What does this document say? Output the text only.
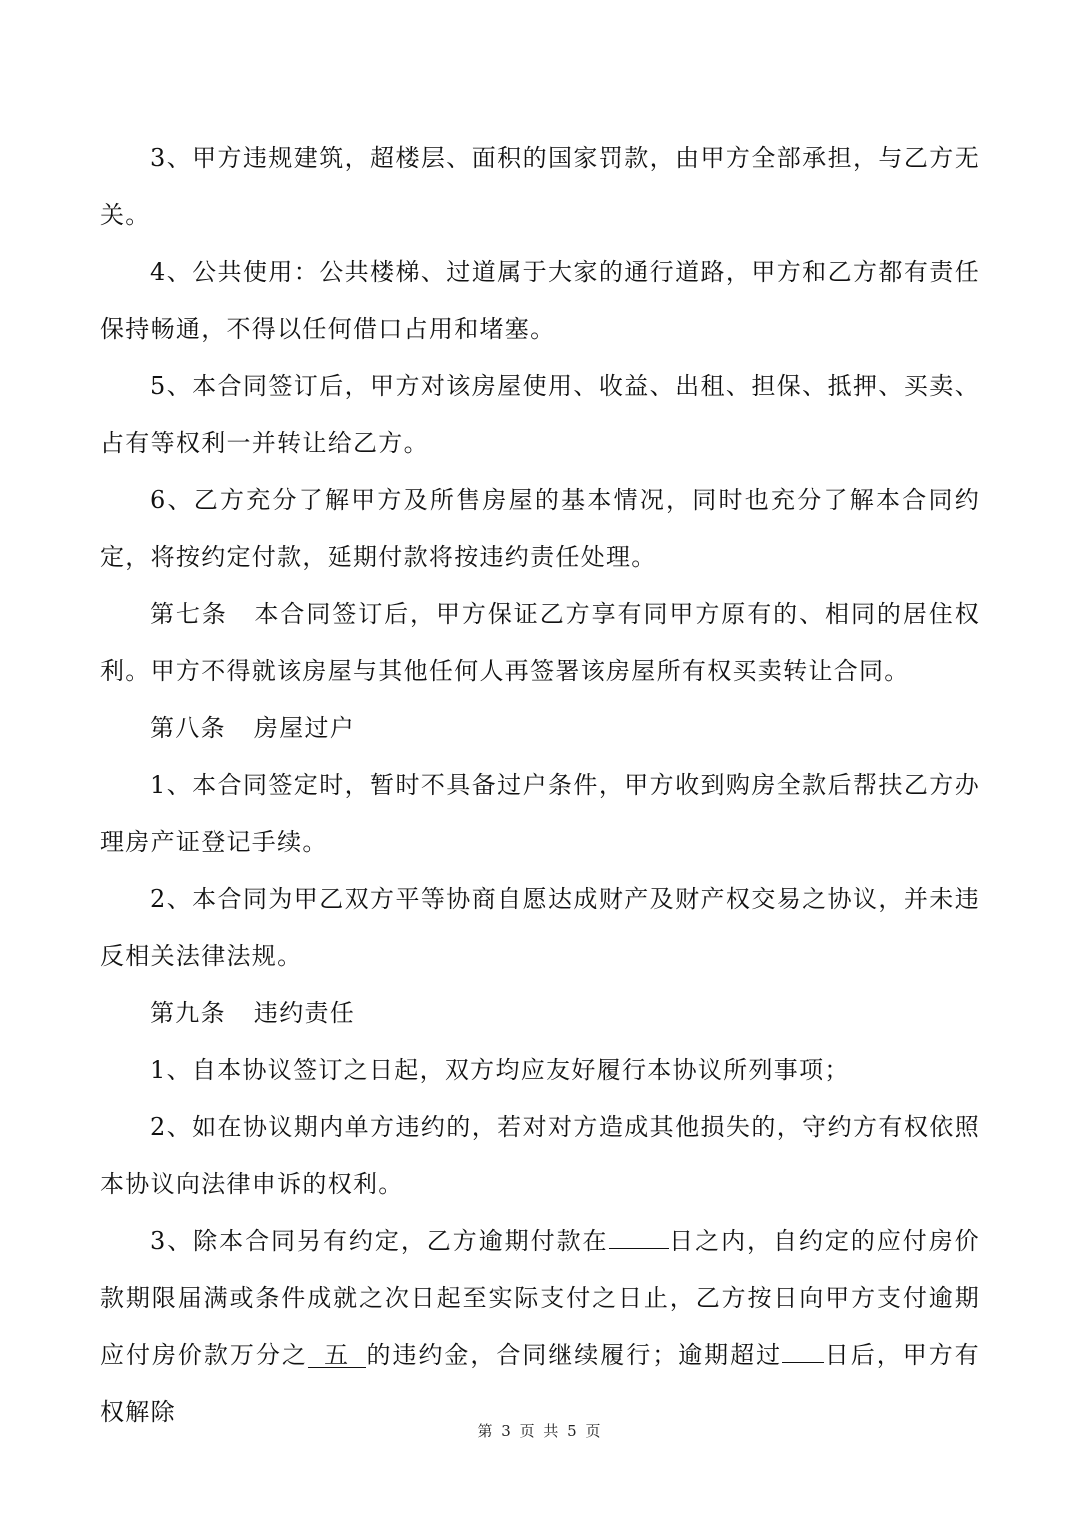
3、甲方违规建筑，超楼层、面积的国家罚款，由甲方全部承担，与乙方无关。

4、公共使用：公共楼梯、过道属于大家的通行道路，甲方和乙方都有责任保持畅通，不得以任何借口占用和堵塞。

5、本合同签订后，甲方对该房屋使用、收益、出租、担保、抵押、买卖、占有等权利一并转让给乙方。

6、乙方充分了解甲方及所售房屋的基本情况，同时也充分了解本合同约定，将按约定付款，延期付款将按违约责任处理。

第七条 本合同签订后，甲方保证乙方享有同甲方原有的、相同的居住权利。甲方不得就该房屋与其他任何人再签署该房屋所有权买卖转让合同。

第八条 房屋过户

1、本合同签定时，暂时不具备过户条件，甲方收到购房全款后帮扶乙方办理房产证登记手续。

2、本合同为甲乙双方平等协商自愿达成财产及财产权交易之协议，并未违反相关法律法规。

第九条 违约责任

1、自本协议签订之日起，双方均应友好履行本协议所列事项；

2、如在协议期内单方违约的，若对对方造成其他损失的，守约方有权依照本协议向法律申诉的权利。

3、除本合同另有约定，乙方逾期付款在	日之内，自约定的应付房价款期限届满或条件成就之次日起至实际支付之日止，乙方按日向甲方支付逾期应付房价款万分之 五 的违约金，合同继续履行；逾期超过 日后，甲方有权解除

第 3 页 共 5 页
